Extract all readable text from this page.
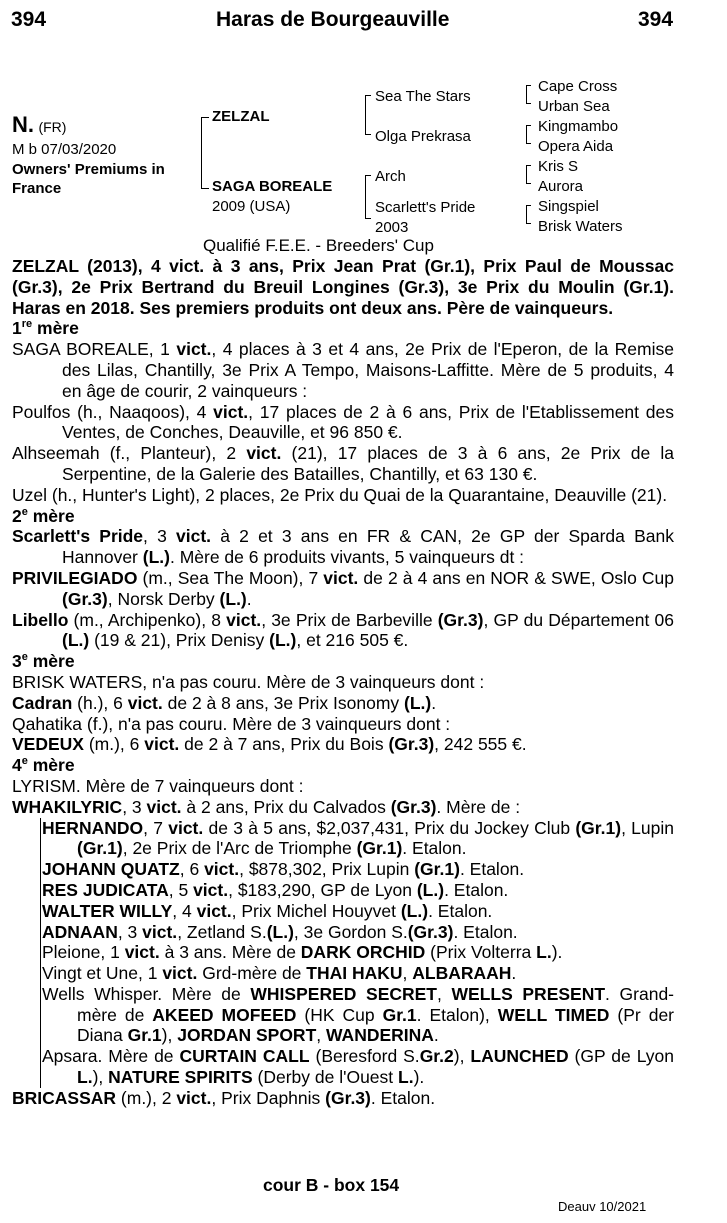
394	Haras de Bourgeauville	394
N. (FR)
M b 07/03/2020
Owners' Premiums in
France
ZELZAL
SAGA BOREALE
2009 (USA)
Sea The Stars
Olga Prekrasa
Arch
Scarlett's Pride
2003
Cape Cross
Urban Sea
Kingmambo
Opera Aida
Kris S
Aurora
Singspiel
Brisk Waters
Qualifié F.E.E. - Breeders' Cup

ZELZAL (2013), 4 vict. à 3 ans, Prix Jean Prat (Gr.1), Prix Paul de Moussac (Gr.3), 2e Prix Bertrand du Breuil Longines (Gr.3), 3e Prix du Moulin (Gr.1). Haras en 2018. Ses premiers produits ont deux ans. Père de vainqueurs.

1re mère

SAGA BOREALE, 1 vict., 4 places à 3 et 4 ans, 2e Prix de l'Eperon, de la Remise des Lilas, Chantilly, 3e Prix A Tempo, Maisons-Laffitte. Mère de 5 produits, 4 en âge de courir, 2 vainqueurs :

Poulfos (h., Naaqoos), 4 vict., 17 places de 2 à 6 ans, Prix de l'Etablissement des Ventes, de Conches, Deauville, et 96 850 €.

Alhseemah (f., Planteur), 2 vict. (21), 17 places de 3 à 6 ans, 2e Prix de la Serpentine, de la Galerie des Batailles, Chantilly, et 63 130 €.

Uzel (h., Hunter's Light), 2 places, 2e Prix du Quai de la Quarantaine, Deauville (21).

2e mère

Scarlett's Pride, 3 vict. à 2 et 3 ans en FR & CAN, 2e GP der Sparda Bank Hannover (L.). Mère de 6 produits vivants, 5 vainqueurs dt :

PRIVILEGIADO (m., Sea The Moon), 7 vict. de 2 à 4 ans en NOR & SWE, Oslo Cup (Gr.3), Norsk Derby (L.).

Libello (m., Archipenko), 8 vict., 3e Prix de Barbeville (Gr.3), GP du Département 06 (L.) (19 & 21), Prix Denisy (L.), et 216 505 €.

3e mère

BRISK WATERS, n'a pas couru. Mère de 3 vainqueurs dont :

Cadran (h.), 6 vict. de 2 à 8 ans, 3e Prix Isonomy (L.).

Qahatika (f.), n'a pas couru. Mère de 3 vainqueurs dont :

VEDEUX (m.), 6 vict. de 2 à 7 ans, Prix du Bois (Gr.3), 242 555 €.

4e mère

LYRISM. Mère de 7 vainqueurs dont :

WHAKILYRIC, 3 vict. à 2 ans, Prix du Calvados (Gr.3). Mère de :

HERNANDO, 7 vict. de 3 à 5 ans, $2,037,431, Prix du Jockey Club (Gr.1), Lupin (Gr.1), 2e Prix de l'Arc de Triomphe (Gr.1). Etalon.

JOHANN QUATZ, 6 vict., $878,302, Prix Lupin (Gr.1). Etalon.

RES JUDICATA, 5 vict., $183,290, GP de Lyon (L.). Etalon.

WALTER WILLY, 4 vict., Prix Michel Houyvet (L.). Etalon.

ADNAAN, 3 vict., Zetland S.(L.), 3e Gordon S.(Gr.3). Etalon.

Pleione, 1 vict. à 3 ans. Mère de DARK ORCHID (Prix Volterra L.).

Vingt et Une, 1 vict. Grd-mère de THAI HAKU, ALBARAAH.

Wells Whisper. Mère de WHISPERED SECRET, WELLS PRESENT. Grand-mère de AKEED MOFEED (HK Cup Gr.1. Etalon), WELL TIMED (Pr der Diana Gr.1), JORDAN SPORT, WANDERINA.

Apsara. Mère de CURTAIN CALL (Beresford S.Gr.2), LAUNCHED (GP de Lyon L.), NATURE SPIRITS (Derby de l'Ouest L.).

BRICASSAR (m.), 2 vict., Prix Daphnis (Gr.3). Etalon.

cour B - box 154
Deauv 10/2021
